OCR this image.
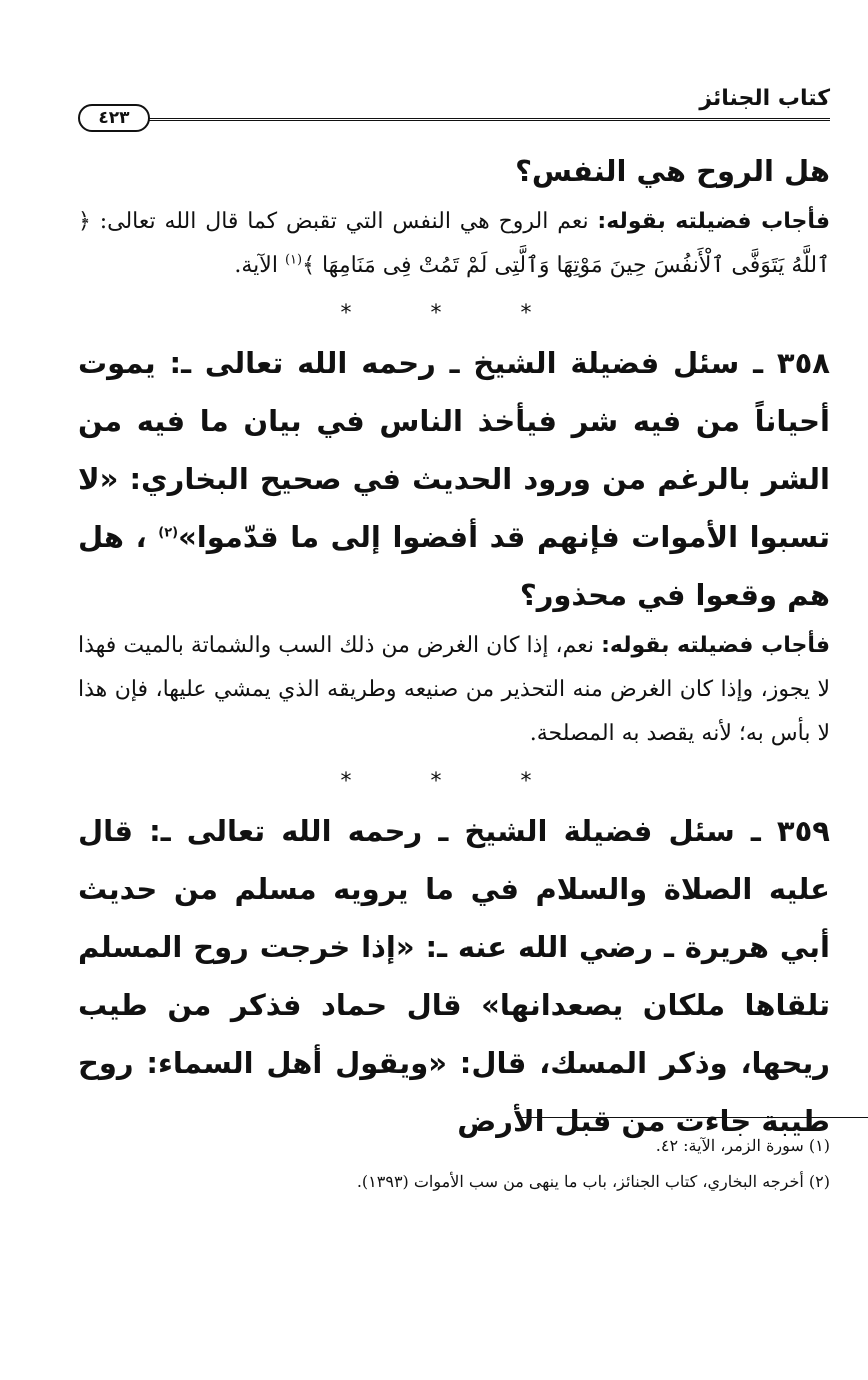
كتاب الجنائز
٤٢٣

هل الروح هي النفس؟

فأجاب فضيلته بقوله: نعم الروح هي النفس التي تقبض كما قال الله تعالى: ﴿ ٱللَّهُ يَتَوَفَّى ٱلْأَنفُسَ حِينَ مَوْتِهَا وَٱلَّتِى لَمْ تَمُتْ فِى مَنَامِهَا ﴾$^{(١)}$ الآية.

* * *

٣٥٨ ـ سئل فضيلة الشيخ ـ رحمه الله تعالى ـ: يموت أحياناً من فيه شر فيأخذ الناس في بيان ما فيه من الشر بالرغم من ورود الحديث في صحيح البخاري: «لا تسبوا الأموات فإنهم قد أفضوا إلى ما قدّموا»$^{(٢)}$ ، هل هم وقعوا في محذور؟

فأجاب فضيلته بقوله: نعم، إذا كان الغرض من ذلك السب والشماتة بالميت فهذا لا يجوز، وإذا كان الغرض منه التحذير من صنيعه وطريقه الذي يمشي عليها، فإن هذا لا بأس به؛ لأنه يقصد به المصلحة.

* * *

٣٥٩ ـ سئل فضيلة الشيخ ـ رحمه الله تعالى ـ: قال عليه الصلاة والسلام في ما يرويه مسلم من حديث أبي هريرة ـ رضي الله عنه ـ: «إذا خرجت روح المسلم تلقاها ملكان يصعدانها» قال حماد فذكر من طيب ريحها، وذكر المسك، قال: «ويقول أهل السماء: روح طيبة جاءت من قبل الأرض

(١) سورة الزمر، الآية: ٤٢.

(٢) أخرجه البخاري، كتاب الجنائز، باب ما ينهى من سب الأموات (١٣٩٣).
